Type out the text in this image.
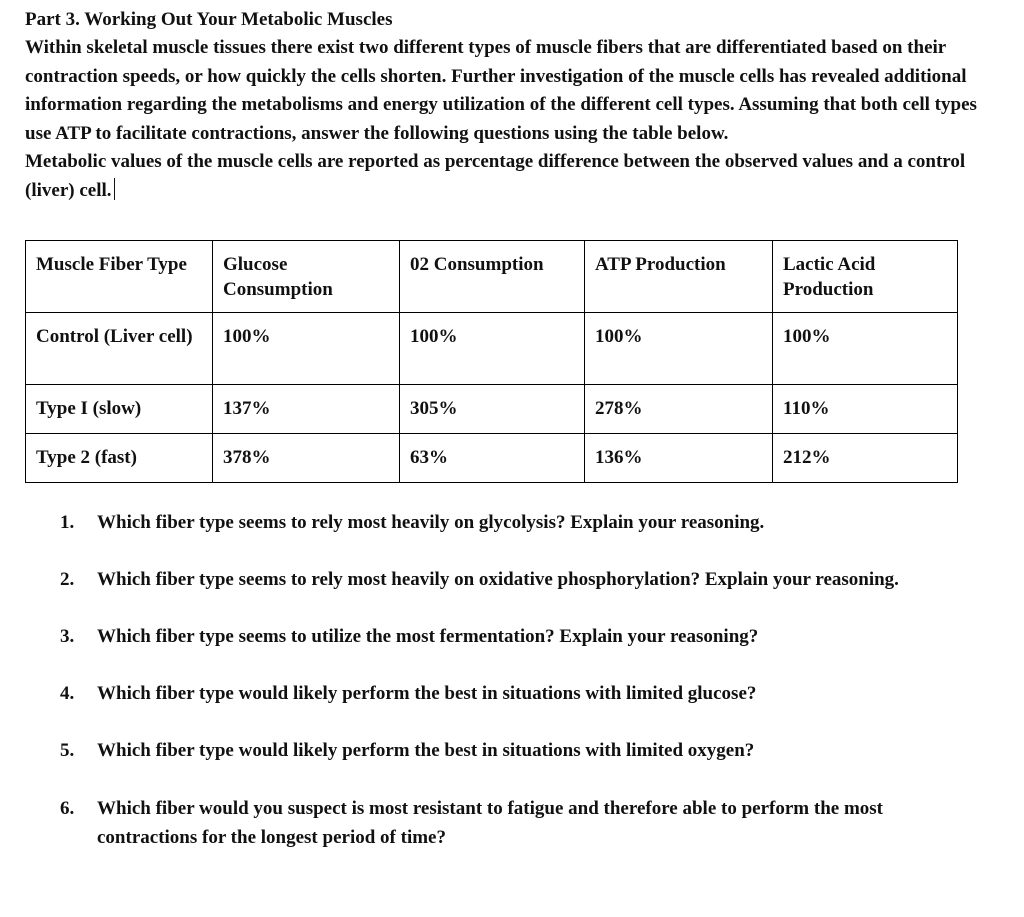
Part 3. Working Out Your Metabolic Muscles

Within skeletal muscle tissues there exist two different types of muscle fibers that are differentiated based on their contraction speeds, or how quickly the cells shorten. Further investigation of the muscle cells has revealed additional information regarding the metabolisms and energy utilization of the different cell types. Assuming that both cell types use ATP to facilitate contractions, answer the following questions using the table below.

Metabolic values of the muscle cells are reported as percentage difference between the observed values and a control (liver) cell.

Muscle Fiber Type	Glucose Consumption	02 Consumption	ATP Production	Lactic Acid Production
Control (Liver cell)	100%	100%	100%	100%
Type I (slow)	137%	305%	278%	110%
Type 2 (fast)	378%	63%	136%	212%
1. Which fiber type seems to rely most heavily on glycolysis? Explain your reasoning.
2. Which fiber type seems to rely most heavily on oxidative phosphorylation? Explain your reasoning.
3. Which fiber type seems to utilize the most fermentation? Explain your reasoning?
4. Which fiber type would likely perform the best in situations with limited glucose?
5. Which fiber type would likely perform the best in situations with limited oxygen?
6. Which fiber would you suspect is most resistant to fatigue and therefore able to perform the most contractions for the longest period of time?
